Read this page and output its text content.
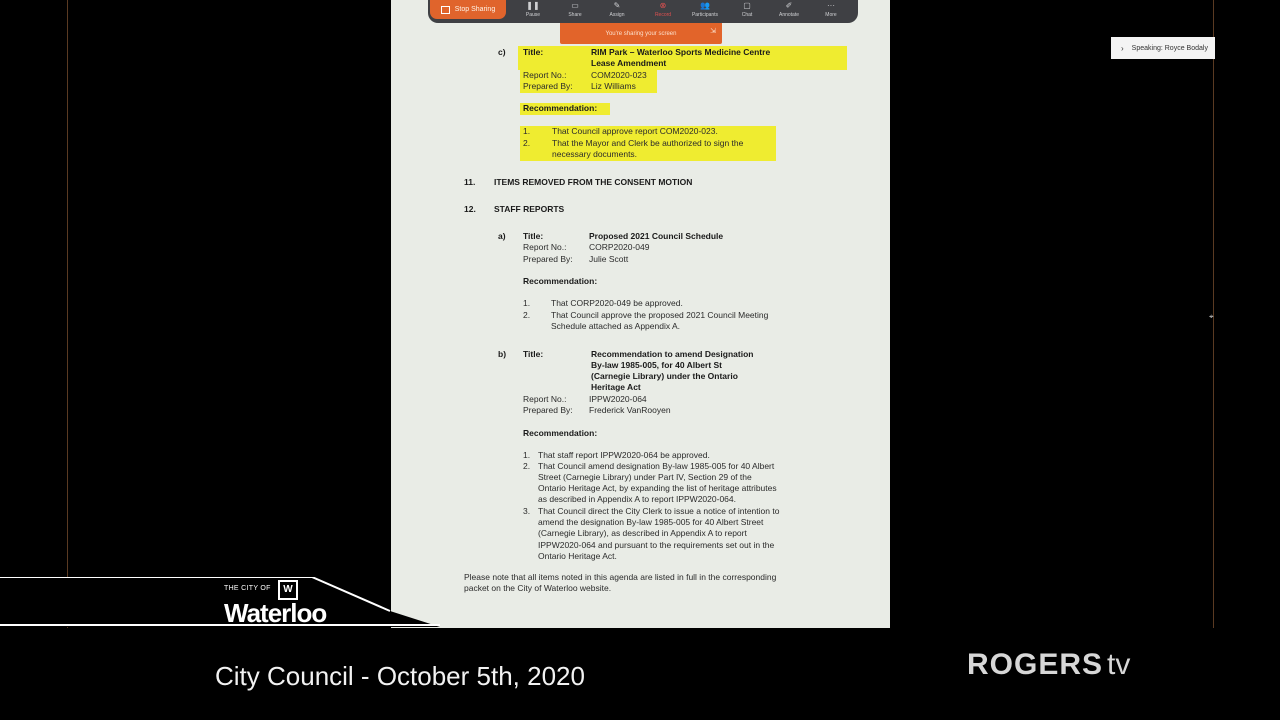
Stop Sharing	❚❚
Pause
▭
Share
✎
Assign
⊗
Record
👥
Participants
▢
Chat
✐
Annotate
···
More
You're sharing your screen	⇲
c) Title:	RIM Park – Waterloo Sports Medicine Centre
Lease Amendment
Report No.:	COM2020-023
Prepared By: Liz Williams
Recommendation:
1.	That Council approve report COM2020-023.
2.	That the Mayor and Clerk be authorized to sign the
necessary documents.
11. ITEMS REMOVED FROM THE CONSENT MOTION
12. STAFF REPORTS
a) Title:	Proposed 2021 Council Schedule
Report No.:	CORP2020-049
Prepared By: Julie Scott
Recommendation:
1. That CORP2020-049 be approved.
2. That Council approve the proposed 2021 Council Meeting
Schedule attached as Appendix A.
b) Title:	Recommendation to amend Designation
By-law 1985-005, for 40 Albert St
(Carnegie Library) under the Ontario
Heritage Act
Report No.:	IPPW2020-064
Prepared By: Frederick VanRooyen
Recommendation:
1. That staff report IPPW2020-064 be approved.
2. That Council amend designation By-law 1985-005 for 40 Albert
Street (Carnegie Library) under Part IV, Section 29 of the
Ontario Heritage Act, by expanding the list of heritage attributes
as described in Appendix A to report IPPW2020-064.
3. That Council direct the City Clerk to issue a notice of intention to
amend the designation By-law 1985-005 for 40 Albert Street
(Carnegie Library), as described in Appendix A to report
IPPW2020-064 and pursuant to the requirements set out in the
Ontario Heritage Act.
Please note that all items noted in this agenda are listed in full in the corresponding
packet on the City of Waterloo website.
› Speaking: Royce Bodaly
⌖
THE CITY OF	W
Waterloo
City Council - October 5th, 2020	ROGERS tv
